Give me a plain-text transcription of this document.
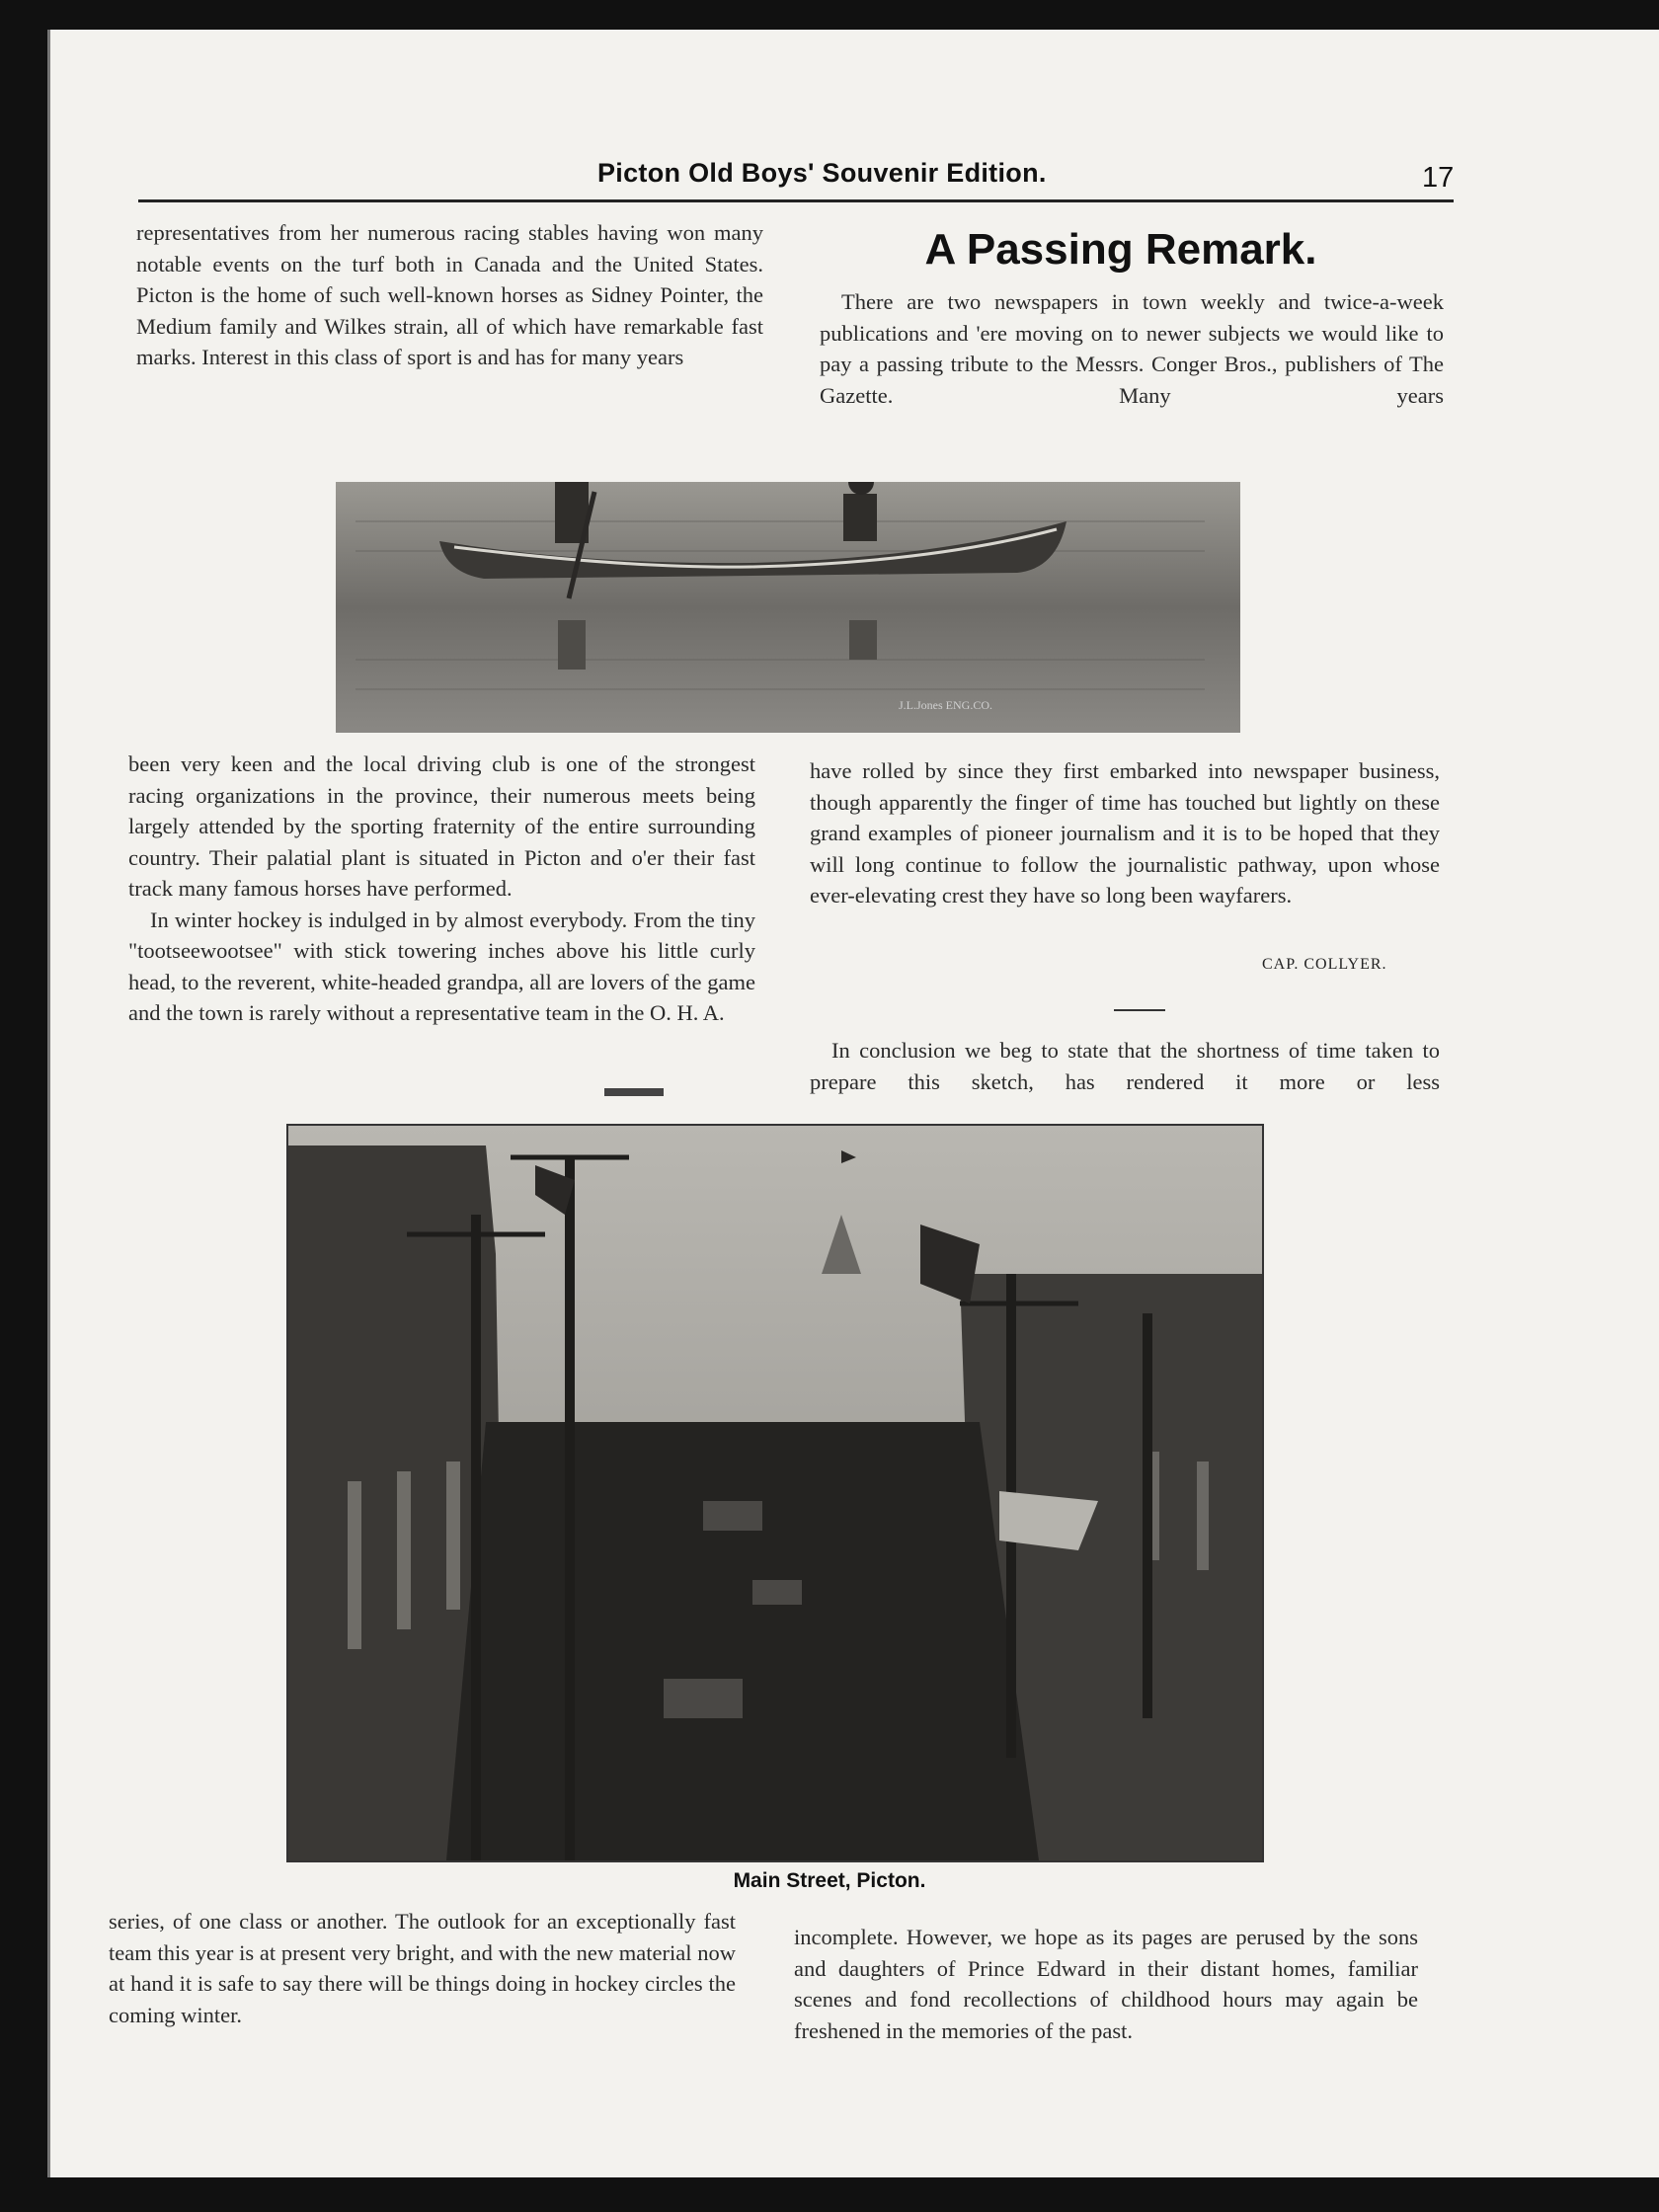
Picton Old Boys' Souvenir Edition.	17

representatives from her numerous racing stables having won many notable events on the turf both in Canada and the United States. Picton is the home of such well-known horses as Sidney Pointer, the Medium family and Wilkes strain, all of which have remarkable fast marks. Interest in this class of sport is and has for many years

A Passing Remark.

There are two newspapers in town weekly and twice-a-week publications and 'ere moving on to newer subjects we would like to pay a passing tribute to the Messrs. Conger Bros., publishers of The Gazette. Many years

J.L.Jones ENG.CO.

been very keen and the local driving club is one of the strongest racing organizations in the province, their numerous meets being largely attended by the sporting fraternity of the entire surrounding country. Their palatial plant is situated in Picton and o'er their fast track many famous horses have performed.

In winter hockey is indulged in by almost everybody. From the tiny "tootseewootsee" with stick towering inches above his little curly head, to the reverent, white-headed grandpa, all are lovers of the game and the town is rarely without a representative team in the O. H. A.

have rolled by since they first embarked into newspaper business, though apparently the finger of time has touched but lightly on these grand examples of pioneer journalism and it is to be hoped that they will long continue to follow the journalistic pathway, upon whose ever-elevating crest they have so long been wayfarers.

CAP. COLLYER.

In conclusion we beg to state that the shortness of time taken to prepare this sketch, has rendered it more or less

Main Street, Picton.

series, of one class or another. The outlook for an exceptionally fast team this year is at present very bright, and with the new material now at hand it is safe to say there will be things doing in hockey circles the coming winter.

incomplete. However, we hope as its pages are perused by the sons and daughters of Prince Edward in their distant homes, familiar scenes and fond recollections of childhood hours may again be freshened in the memories of the past.
